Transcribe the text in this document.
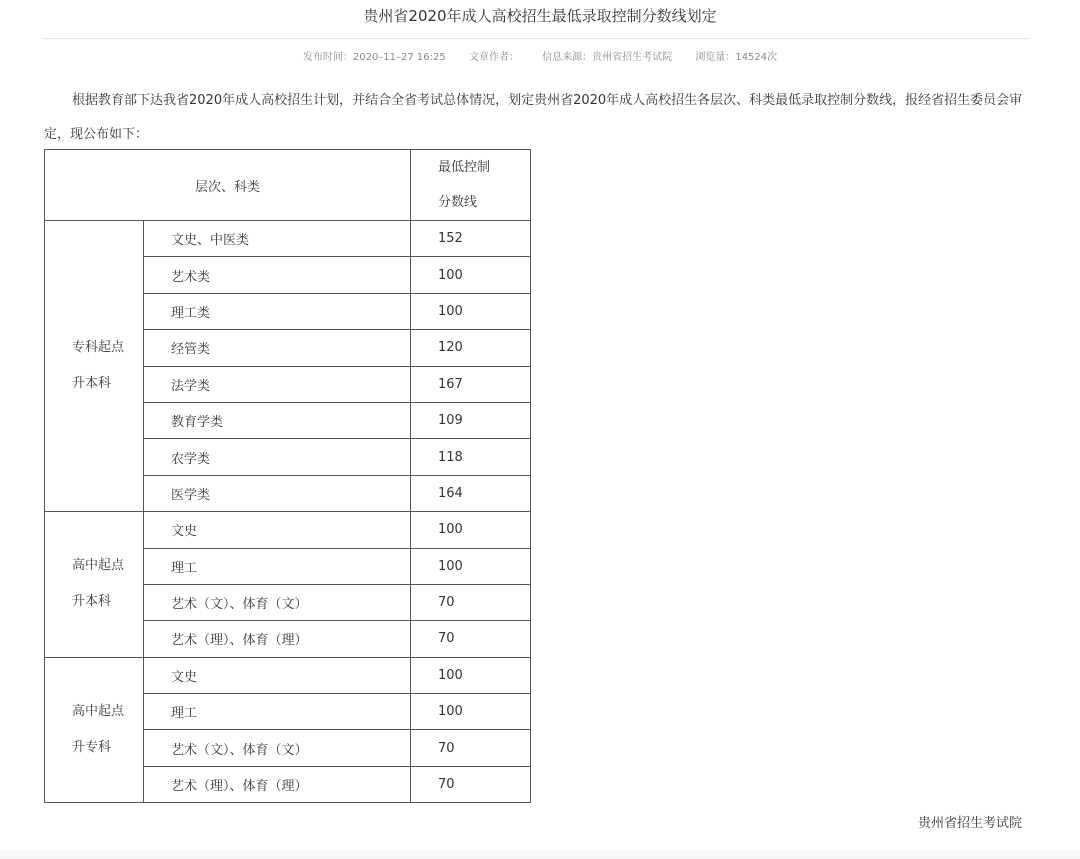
贵州省2020年成人高校招生最低录取控制分数线划定
发布时间：2020–11–27 16:25 文章作者： 信息来源：贵州省招生考试院 浏览量：14524次

根据教育部下达我省2020年成人高校招生计划，并结合全省考试总体情况，划定贵州省2020年成人高校招生各层次、科类最低录取控制分数线，报经省招生委员会审定，现公布如下：

层次、科类		最低控制
分数线

专科起点
升本科	文史、中医类	152
	艺术类	100
	理工类	100
	经管类	120
	法学类	167
	教育学类	109
	农学类	118
	医学类	164

高中起点
升本科	文史	100
	理工	100
	艺术（文）、体育（文）	70
	艺术（理）、体育（理）	70

高中起点
升专科	文史	100
	理工	100
	艺术（文）、体育（文）	70
	艺术（理）、体育（理）	70
贵州省招生考试院
